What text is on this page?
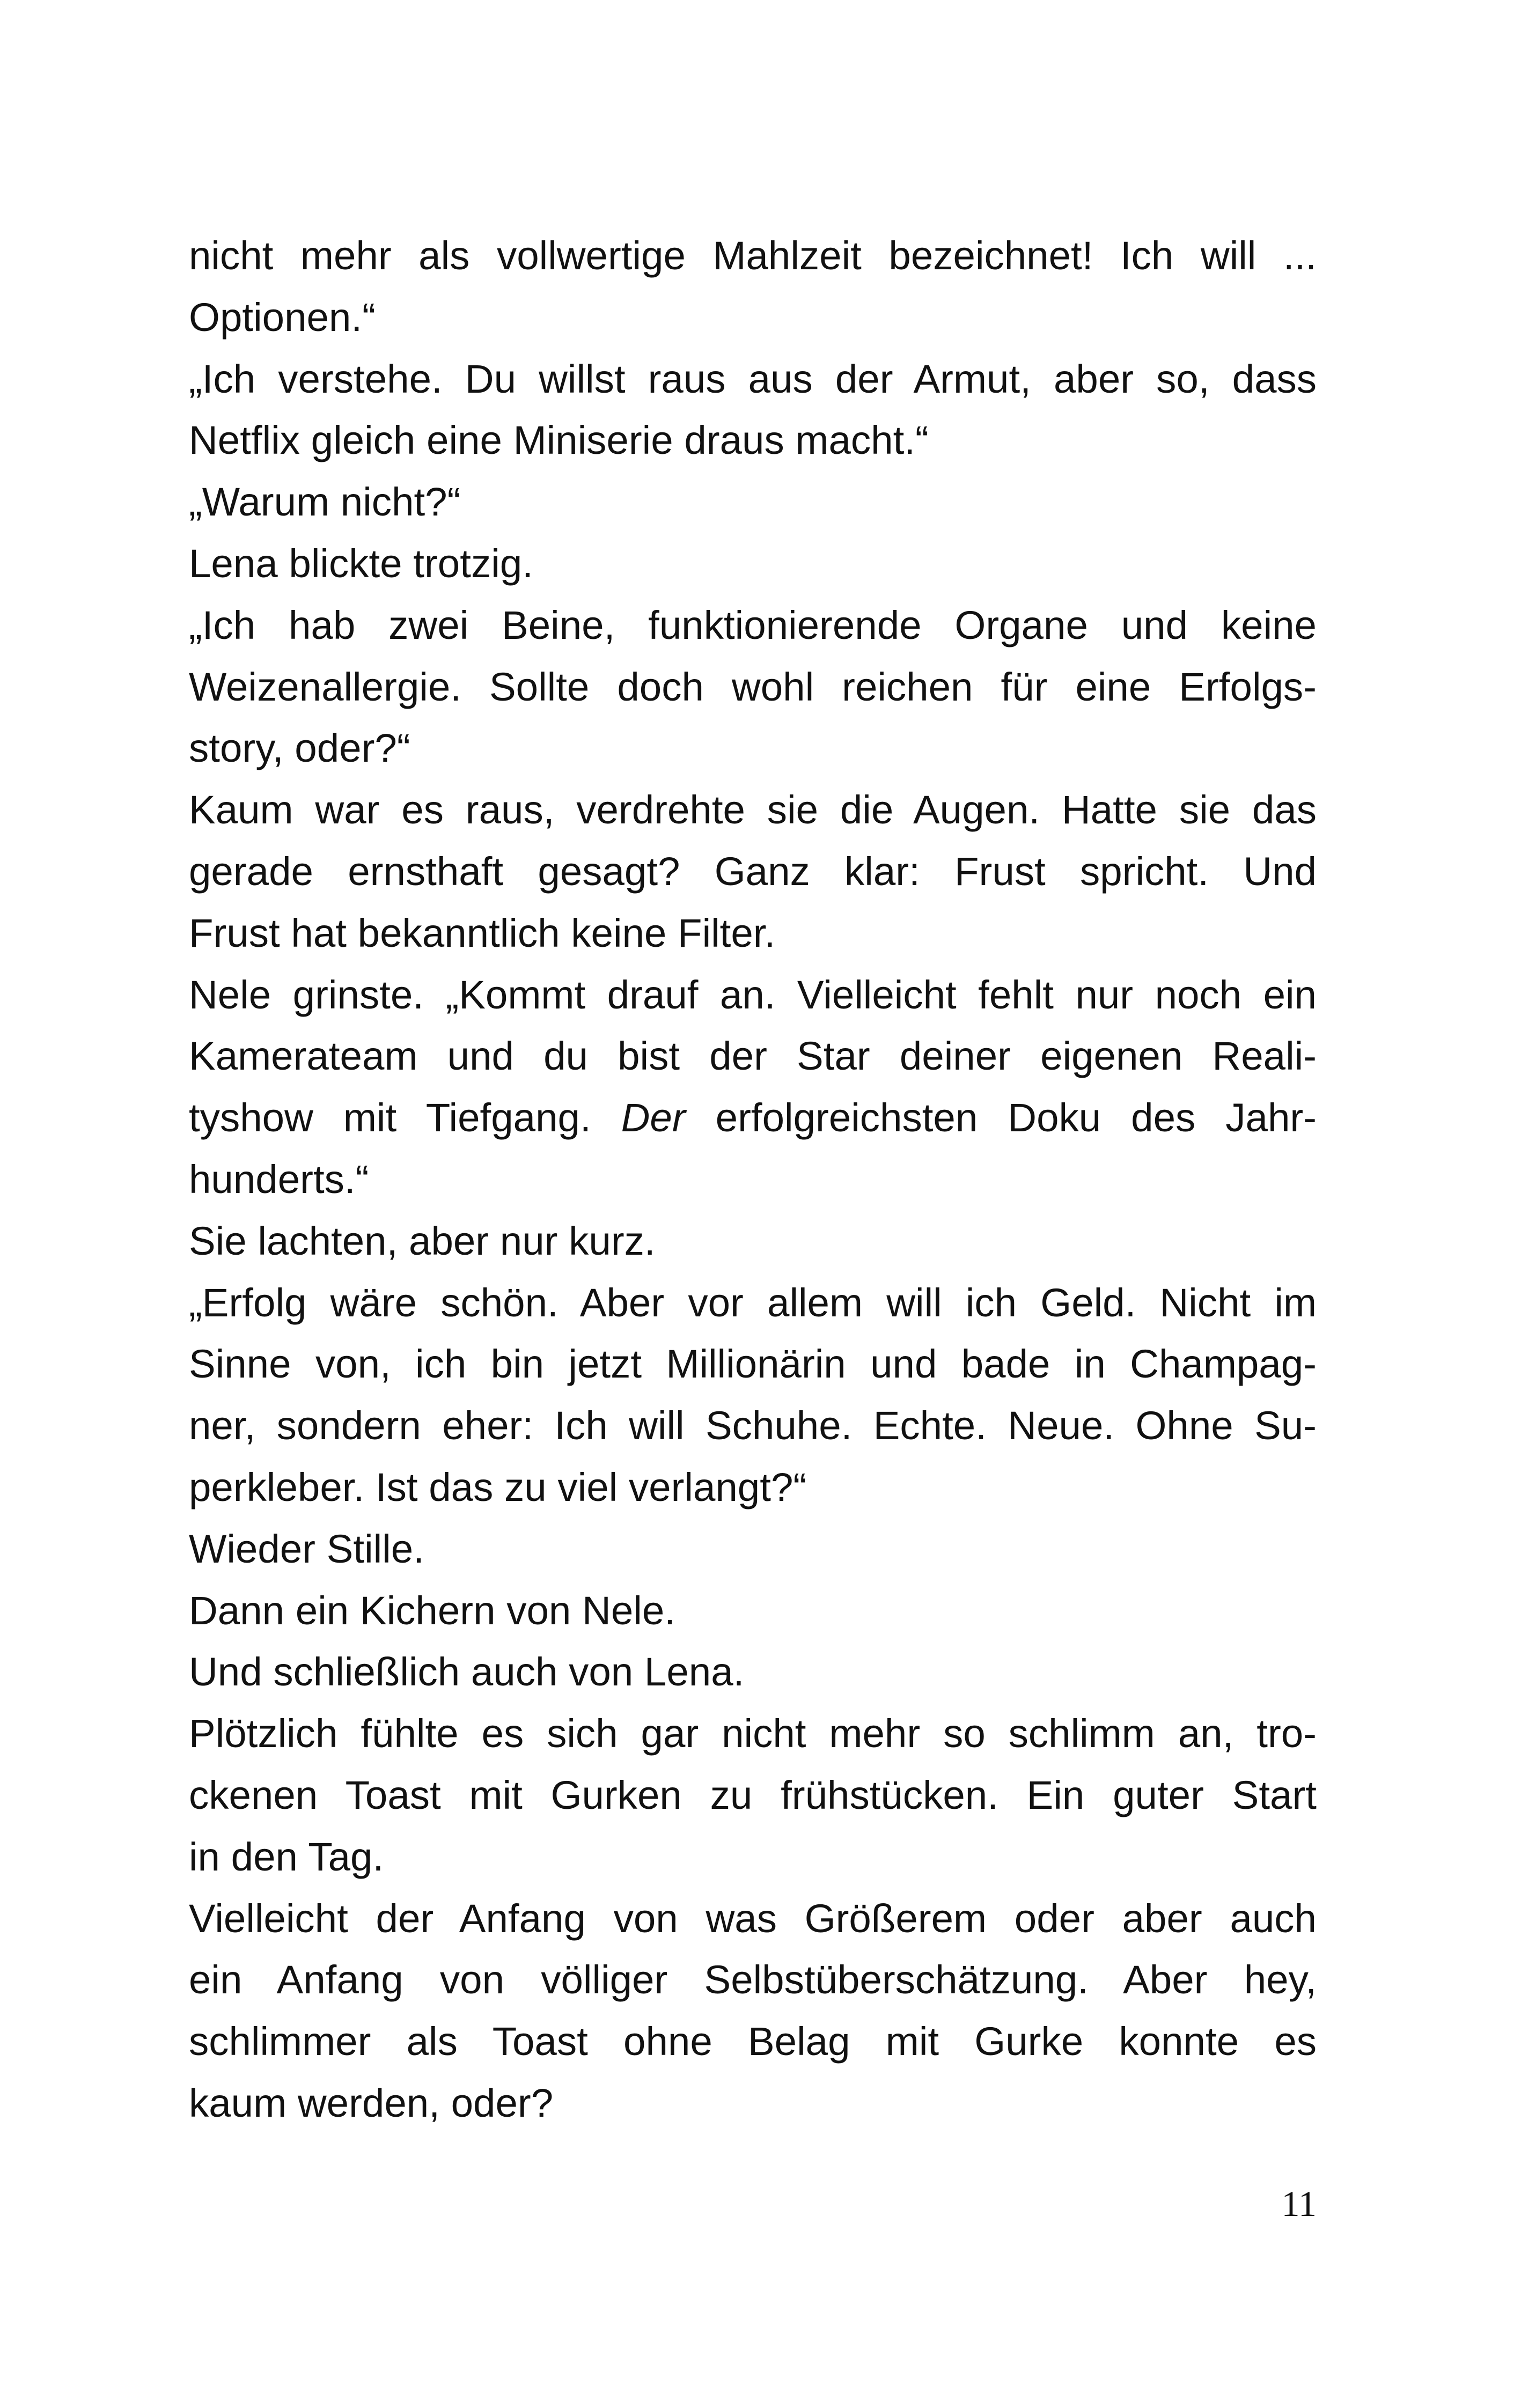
nicht mehr als vollwertige Mahlzeit bezeichnet! Ich will ...
Optionen.“
„Ich verstehe. Du willst raus aus der Armut, aber so, dass
Netflix gleich eine Miniserie draus macht.“
„Warum nicht?“
Lena blickte trotzig.
„Ich hab zwei Beine, funktionierende Organe und keine
Weizenallergie. Sollte doch wohl reichen für eine Erfolgs-
story, oder?“
Kaum war es raus, verdrehte sie die Augen. Hatte sie das
gerade ernsthaft gesagt? Ganz klar: Frust spricht. Und
Frust hat bekanntlich keine Filter.
Nele grinste. „Kommt drauf an. Vielleicht fehlt nur noch ein
Kamerateam und du bist der Star deiner eigenen Reali-
tyshow mit Tiefgang. Der erfolgreichsten Doku des Jahr-
hunderts.“
Sie lachten, aber nur kurz.
„Erfolg wäre schön. Aber vor allem will ich Geld. Nicht im
Sinne von, ich bin jetzt Millionärin und bade in Champag-
ner, sondern eher: Ich will Schuhe. Echte. Neue. Ohne Su-
perkleber. Ist das zu viel verlangt?“
Wieder Stille.
Dann ein Kichern von Nele.
Und schließlich auch von Lena.
Plötzlich fühlte es sich gar nicht mehr so schlimm an, tro-
ckenen Toast mit Gurken zu frühstücken. Ein guter Start
in den Tag.
Vielleicht der Anfang von was Größerem oder aber auch
ein Anfang von völliger Selbstüberschätzung. Aber hey,
schlimmer als Toast ohne Belag mit Gurke konnte es
kaum werden, oder?
11
